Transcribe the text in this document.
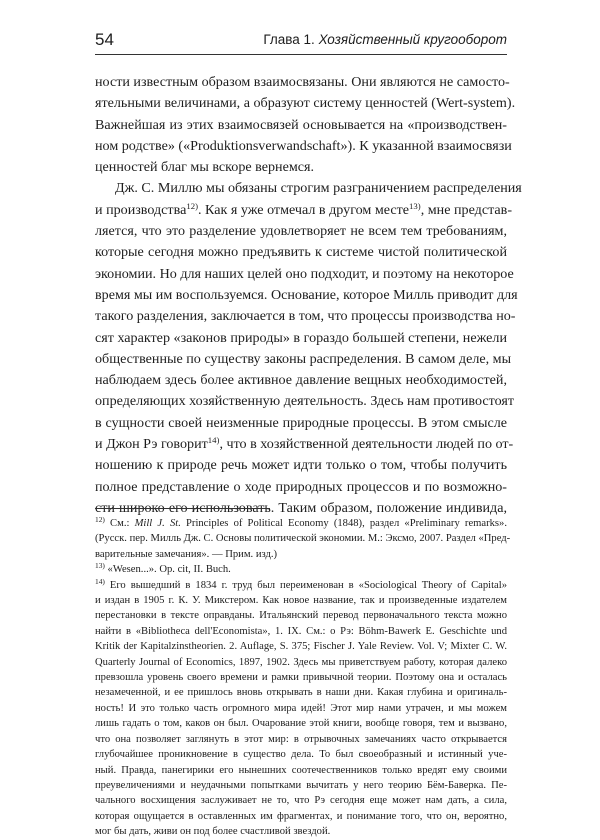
54	Глава 1. Хозяйственный кругооборот
ности известным образом взаимосвязаны. Они являются не самосто-
ятельными величинами, а образуют систему ценностей (Wert-system).
Важнейшая из этих взаимосвязей основывается на «производствен-
ном родстве» («Produktionsverwandschaft»). К указанной взаимосвязи
ценностей благ мы вскоре вернемся.
Дж. С. Миллю мы обязаны строгим разграничением распределения
и производства$^{12)}$. Как я уже отмечал в другом месте$^{13)}$, мне представ-
ляется, что это разделение удовлетворяет не всем тем требованиям,
которые сегодня можно предъявить к системе чистой политической
экономии. Но для наших целей оно подходит, и поэтому на некоторое
время мы им воспользуемся. Основание, которое Милль приводит для
такого разделения, заключается в том, что процессы производства но-
сят характер «законов природы» в гораздо большей степени, нежели
общественные по существу законы распределения. В самом деле, мы
наблюдаем здесь более активное давление вещных необходимостей,
определяющих хозяйственную деятельность. Здесь нам противостоят
в сущности своей неизменные природные процессы. В этом смысле
и Джон Рэ говорит$^{14)}$, что в хозяйственной деятельности людей по от-
ношению к природе речь может идти только о том, чтобы получить
полное представление о ходе природных процессов и по возможно-
сти широко его использовать. Таким образом, положение индивида,
$^{12)}$ См.: Mill J. St. Principles of Political Economy (1848), раздел «Preliminary remarks».
(Русск. пер. Милль Дж. С. Основы политической экономии. М.: Эксмо, 2007. Раздел «Пред-
варительные замечания». — Прим. изд.)
$^{13)}$ «Wesen...». Op. cit, II. Buch.
$^{14)}$ Его вышедший в 1834 г. труд был переименован в «Sociological Theory of Capital»
и издан в 1905 г. К. У. Микстером. Как новое название, так и произведенные издателем
перестановки в тексте оправданы. Итальянский перевод первоначального текста можно
найти в «Bibliotheca dell'Economista», 1. IX. См.: о Рэ: Böhm-Bawerk E. Geschichte und
Kritik der Kapitalzinstheorien. 2. Auflage, S. 375; Fischer J. Yale Review. Vol. V; Mixter C. W.
Quarterly Journal of Economics, 1897, 1902. Здесь мы приветствуем работу, которая далеко
превзошла уровень своего времени и рамки привычной теории. Поэтому она и осталась
незамеченной, и ее пришлось вновь открывать в наши дни. Какая глубина и оригиналь-
ность! И это только часть огромного мира идей! Этот мир нами утрачен, и мы можем
лишь гадать о том, каков он был. Очарование этой книги, вообще говоря, тем и вызвано,
что она позволяет заглянуть в этот мир: в отрывочных замечаниях часто открывается
глубочайшее проникновение в существо дела. То был своеобразный и истинный уче-
ный. Правда, панегирики его нынешних соотечественников только вредят ему своими
преувеличениями и неудачными попытками вычитать у него теорию Бём-Баверка. Пе-
чального восхищения заслуживает не то, что Рэ сегодня еще может нам дать, а сила,
которая ощущается в оставленных им фрагментах, и понимание того, что он, вероятно,
мог бы дать, живи он под более счастливой звездой.
